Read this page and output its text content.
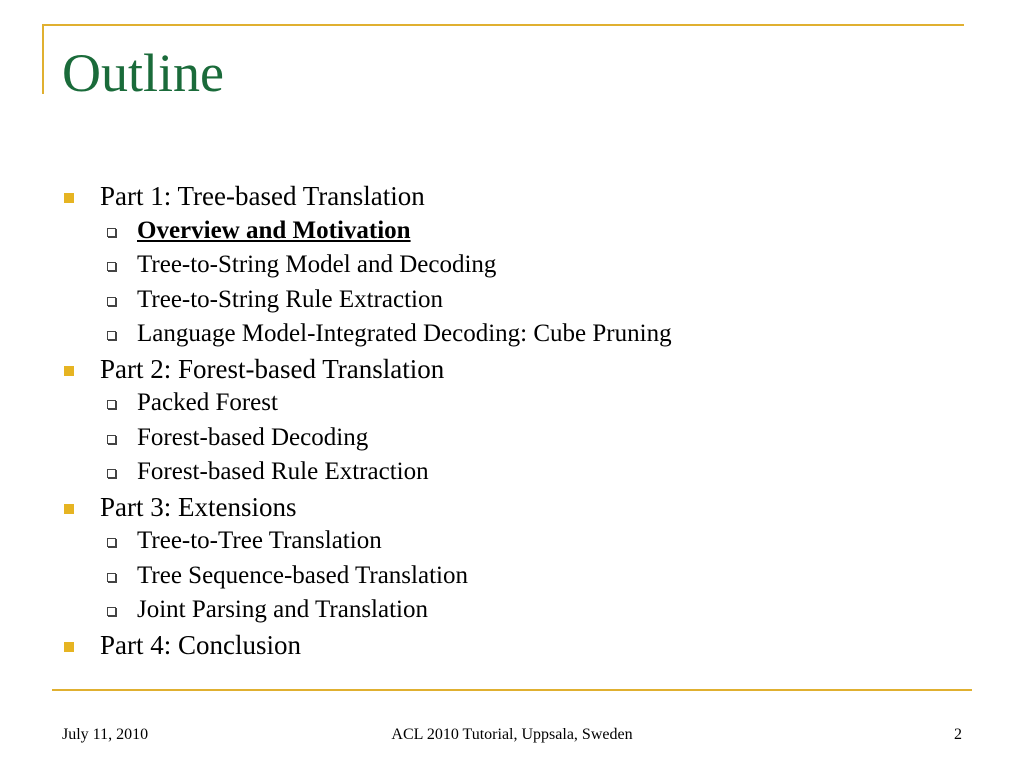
Outline
Part 1: Tree-based Translation
Overview and Motivation
Tree-to-String Model and Decoding
Tree-to-String Rule Extraction
Language Model-Integrated Decoding: Cube Pruning
Part 2: Forest-based Translation
Packed Forest
Forest-based Decoding
Forest-based Rule Extraction
Part 3: Extensions
Tree-to-Tree Translation
Tree Sequence-based Translation
Joint Parsing and Translation
Part 4: Conclusion
July 11, 2010	ACL 2010 Tutorial, Uppsala, Sweden	2
